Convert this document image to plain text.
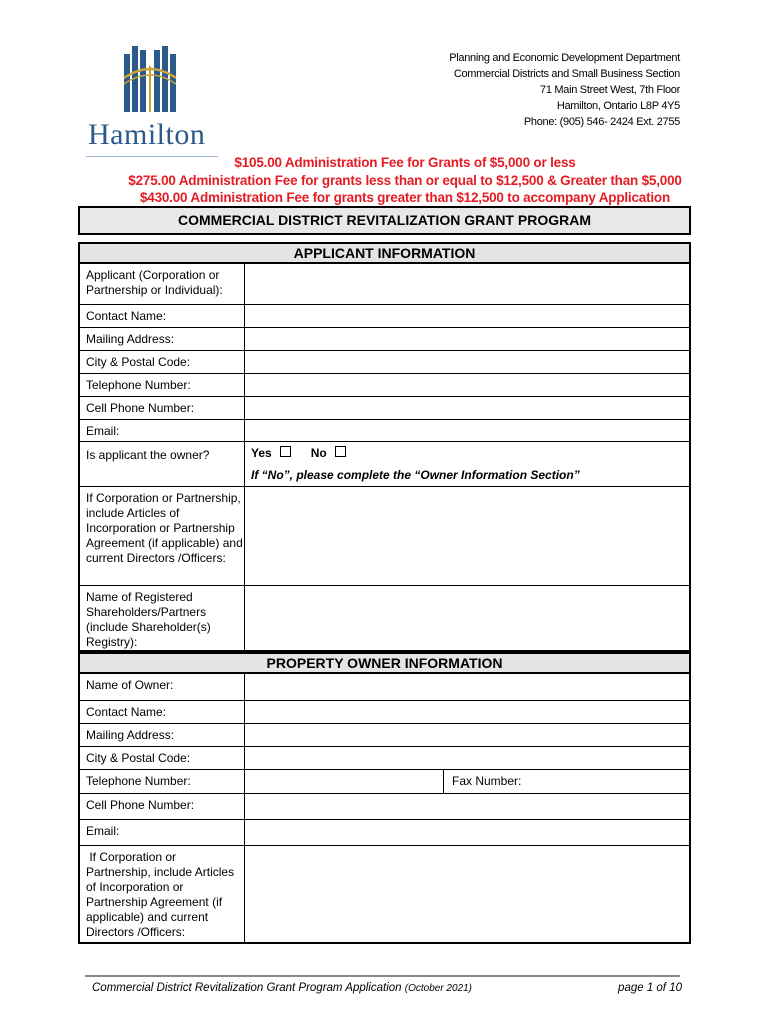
Hamilton
Planning and Economic Development Department
Commercial Districts and Small Business Section
71 Main Street West, 7th Floor
Hamilton, Ontario L8P 4Y5
Phone: (905) 546- 2424 Ext. 2755
$105.00 Administration Fee for Grants of $5,000 or less
$275.00 Administration Fee for grants less than or equal to $12,500 & Greater than $5,000
$430.00 Administration Fee for grants greater than $12,500 to accompany Application
COMMERCIAL DISTRICT REVITALIZATION GRANT PROGRAM
APPLICANT INFORMATION
Applicant (Corporation or Partnership or Individual):
Contact Name:
Mailing Address:
City & Postal Code:
Telephone Number:
Cell Phone Number:
Email:
Is applicant the owner?	Yes	No
If “No”, please complete the “Owner Information Section”
If Corporation or Partnership, include Articles of Incorporation or Partnership Agreement (if applicable) and current Directors /Officers:
Name of Registered Shareholders/Partners (include Shareholder(s) Registry):
PROPERTY OWNER INFORMATION
Name of Owner:
Contact Name:
Mailing Address:
City & Postal Code:
Telephone Number:	Fax Number:
Cell Phone Number:
Email:
If Corporation or Partnership, include Articles of Incorporation or Partnership Agreement (if applicable) and current Directors /Officers:
Commercial District Revitalization Grant Program Application (October 2021)	page 1 of 10
